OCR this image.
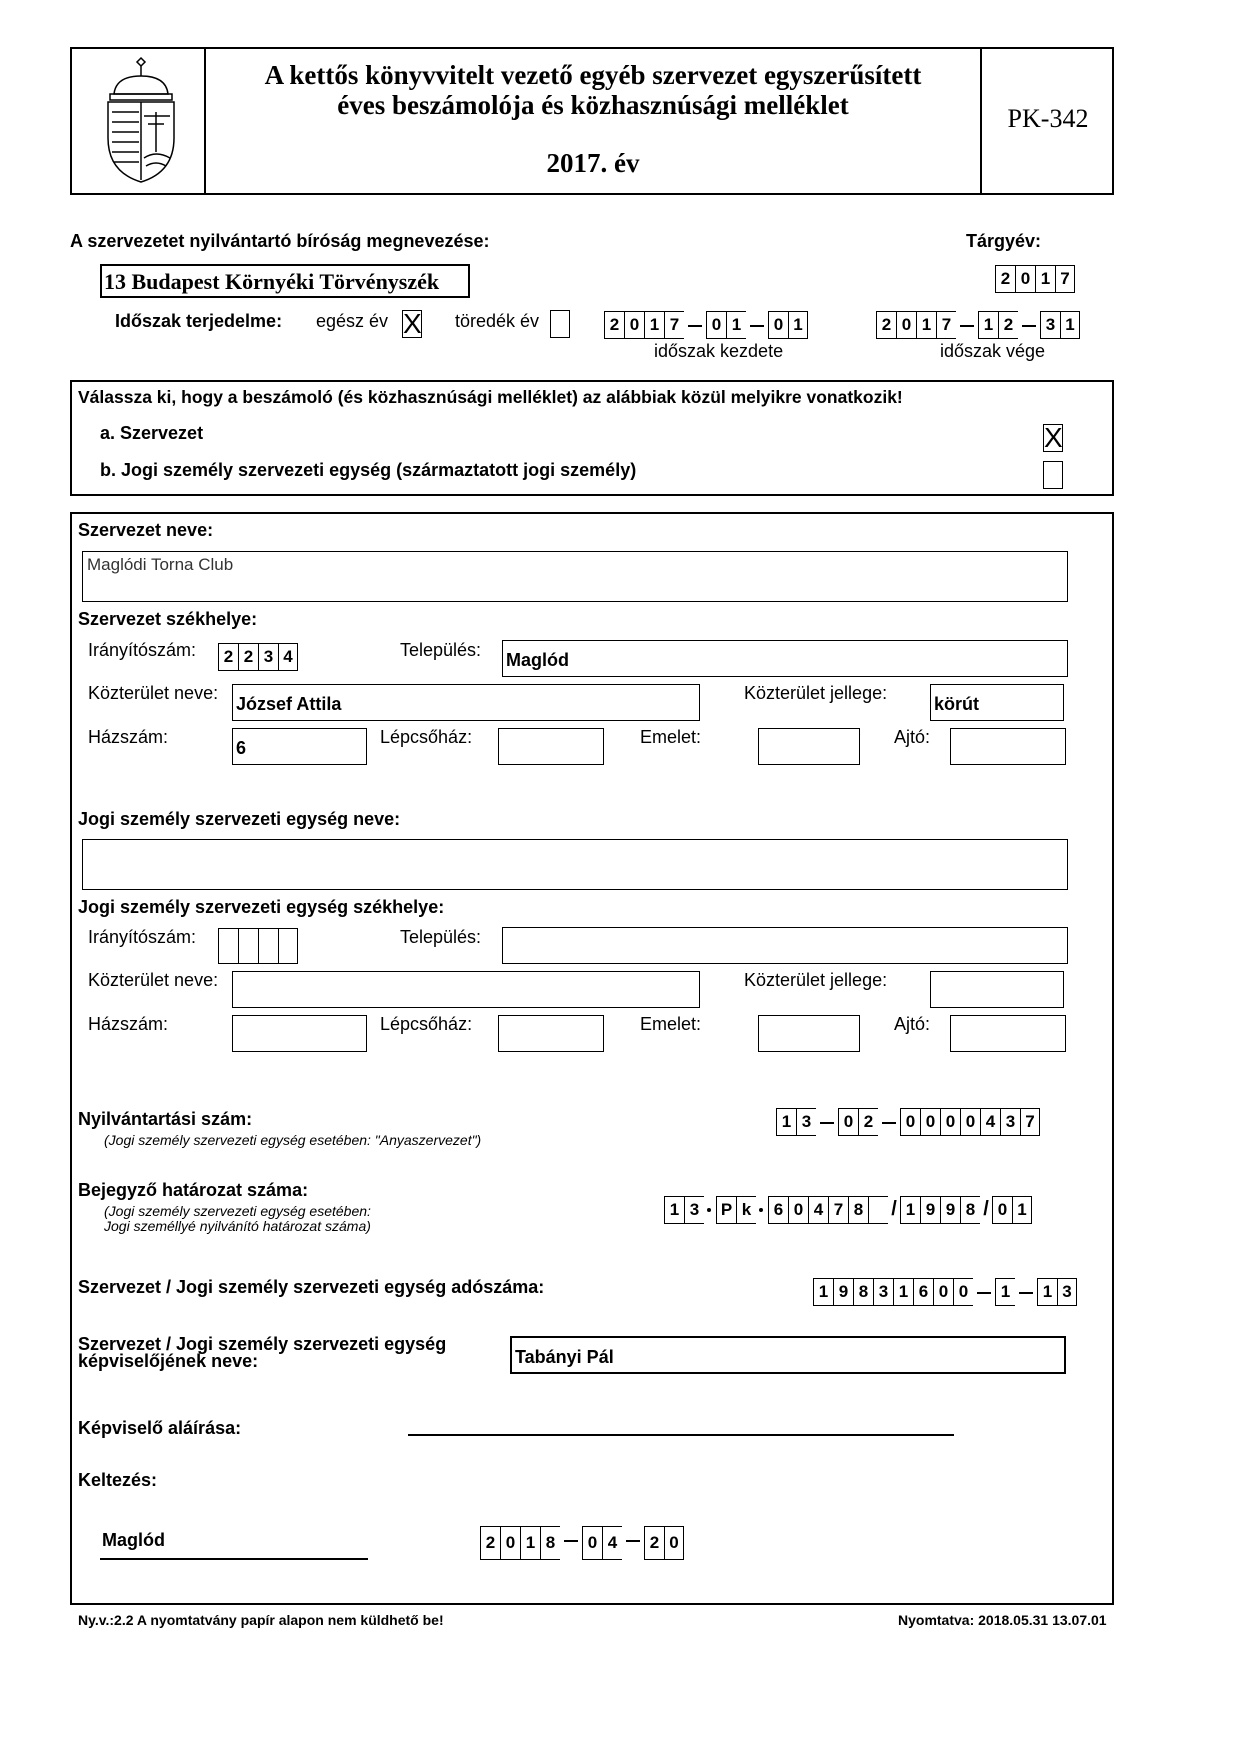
A kettős könyvvitelt vezető egyéb szervezet egyszerűsített
éves beszámolója és közhasznúsági melléklet
2017. év
PK-342
A szervezetet nyilvántartó bíróság megnevezése:	Tárgyév:
13 Budapest Környéki Törvényszék	2 0 1 7
Időszak terjedelme: egész év X töredék év	2 0 1 7	0 1	0 1
időszak kezdete
2 0 1 7	1 2	3 1
időszak vége
Válassza ki, hogy a beszámoló (és közhasznúsági melléklet) az alábbiak közül melyikre vonatkozik!
a. Szervezet	X
b. Jogi személy szervezeti egység (származtatott jogi személy)
Szervezet neve:
Maglódi Torna Club
Szervezet székhelye:
Irányítószám:	2 2 3 4	Település: Maglód
Közterület neve:
József Attila
Közterület jellege:
körút
Házszám:
6
Lépcsőház:	Emelet:	Ajtó:
Jogi személy szervezeti egység neve:
Jogi személy szervezeti egység székhelye:
Irányítószám:	Település:
Közterület neve:	Közterület jellege:
Házszám:	Lépcsőház:	Emelet:	Ajtó:
Nyilvántartási szám:
(Jogi személy szervezeti egység esetében: "Anyaszervezet")
1 3	0 2	0 0 0 0 4 3 7
Bejegyző határozat száma:
(Jogi személy szervezeti egység esetében:
Jogi személlyé nyilvánító határozat száma)
1 3 P k	6 0 4 7 8 / 1 9 9 8 / 0 1
Szervezet / Jogi személy szervezeti egység adószáma:	1 9 8 3 1 6 0 0	1	1 3
Szervezet / Jogi személy szervezeti egység
képviselőjének neve:	Tabányi Pál
Képviselő aláírása:
Keltezés:
Maglód	2 0 1 8	0 4	2 0
Ny.v.:2.2 A nyomtatvány papír alapon nem küldhető be!	Nyomtatva: 2018.05.31 13.07.01
